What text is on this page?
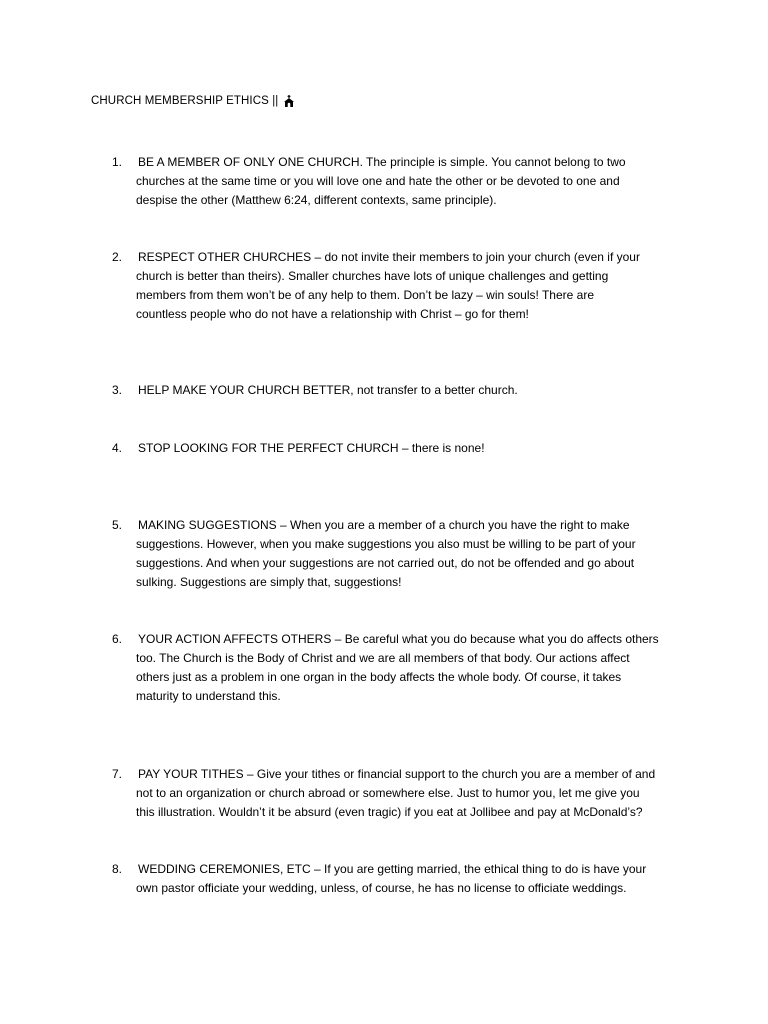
CHURCH MEMBERSHIP ETHICS ||
1.	BE A MEMBER OF ONLY ONE CHURCH. The principle is simple. You cannot belong to two
churches at the same time or you will love one and hate the other or be devoted to one and
despise the other (Matthew 6:24, different contexts, same principle).
2.	RESPECT OTHER CHURCHES – do not invite their members to join your church (even if your
church is better than theirs). Smaller churches have lots of unique challenges and getting
members from them won’t be of any help to them. Don’t be lazy – win souls! There are
countless people who do not have a relationship with Christ – go for them!
3.	HELP MAKE YOUR CHURCH BETTER, not transfer to a better church.
4.	STOP LOOKING FOR THE PERFECT CHURCH – there is none!
5.	MAKING SUGGESTIONS – When you are a member of a church you have the right to make
suggestions. However, when you make suggestions you also must be willing to be part of your
suggestions. And when your suggestions are not carried out, do not be offended and go about
sulking. Suggestions are simply that, suggestions!
6.	YOUR ACTION AFFECTS OTHERS – Be careful what you do because what you do affects others
too. The Church is the Body of Christ and we are all members of that body. Our actions affect
others just as a problem in one organ in the body affects the whole body. Of course, it takes
maturity to understand this.
7.	PAY YOUR TITHES – Give your tithes or financial support to the church you are a member of and
not to an organization or church abroad or somewhere else. Just to humor you, let me give you
this illustration. Wouldn’t it be absurd (even tragic) if you eat at Jollibee and pay at McDonald’s?
8.	WEDDING CEREMONIES, ETC – If you are getting married, the ethical thing to do is have your
own pastor officiate your wedding, unless, of course, he has no license to officiate weddings.
